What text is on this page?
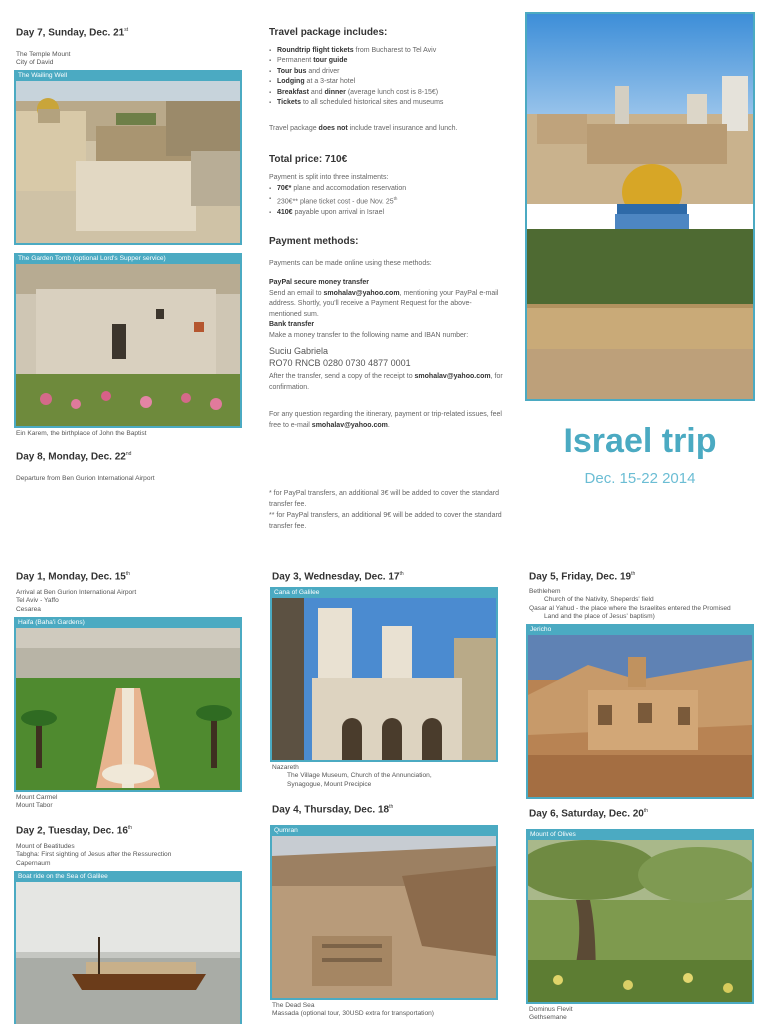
Day 7, Sunday, Dec. 21st
The Temple Mount
City of David
The Wailing Well
The Garden Tomb (optional Lord's Supper service)
Ein Karem, the birthplace of John the Baptist
Day 8, Monday, Dec. 22nd
Departure from Ben Gurion International Airport
Travel package includes:
▪ Roundtrip flight tickets from Bucharest to Tel Aviv
▪ Permanent tour guide
▪ Tour bus and driver
▪ Lodging at a 3-star hotel
▪ Breakfast and dinner (average lunch cost is 8-15€)
▪ Tickets to all scheduled historical sites and museums
Travel package does not include travel insurance and lunch.
Total price: 710€
Payment is split into three instalments:
▪ 70€* plane and accomodation reservation
▪ 230€** plane ticket cost - due Nov. 25th
▪ 410€ payable upon arrival in Israel
Payment methods:
Payments can be made online using these methods:
PayPal secure money transfer
Send an email to smohalav@yahoo.com, mentioning your PayPal e-mail address. Shortly, you'll receive a Payment Request for the above-mentioned sum.
Bank transfer
Make a money transfer to the following name and IBAN number:
Suciu Gabriela
RO70 RNCB 0280 0730 4877 0001
After the transfer, send a copy of the receipt to smohalav@yahoo.com, for confirmation.
For any question regarding the itinerary, payment or trip-related issues, feel free to e-mail smohalav@yahoo.com.
* for PayPal transfers, an additional 3€ will be added to cover the standard transfer fee.
** for PayPal transfers, an additional 9€ will be added to cover the standard transfer fee.
Israel trip
Dec. 15-22 2014
Day 1, Monday, Dec. 15th
Arrival at Ben Gurion International Airport
Tel Aviv - Yaffo
Cesarea
Haifa (Baha'i Gardens)
Mount Carmel
Mount Tabor
Day 2, Tuesday, Dec. 16th
Mount of Beatitudes
Tabgha: First sighting of Jesus after the Ressurection
Capernaum
Boat ride on the Sea of Galilee
Day 3, Wednesday, Dec. 17th
Cana of Galilee
Nazareth
The Village Museum, Church of the Annunciation,
Synagogue, Mount Precipice
Day 4, Thursday, Dec. 18th
Qumran
The Dead Sea
Massada (optional tour, 30USD extra for transportation)
Day 5, Friday, Dec. 19th
Bethlehem
Church of the Nativity, Sheperds' field
Qasar al Yahud - the place where the Israelites entered the Promised
Land and the place of Jesus' baptism)
Jericho
Day 6, Saturday, Dec. 20th
Mount of Olives
Dominus Flevit
Gethsemane
